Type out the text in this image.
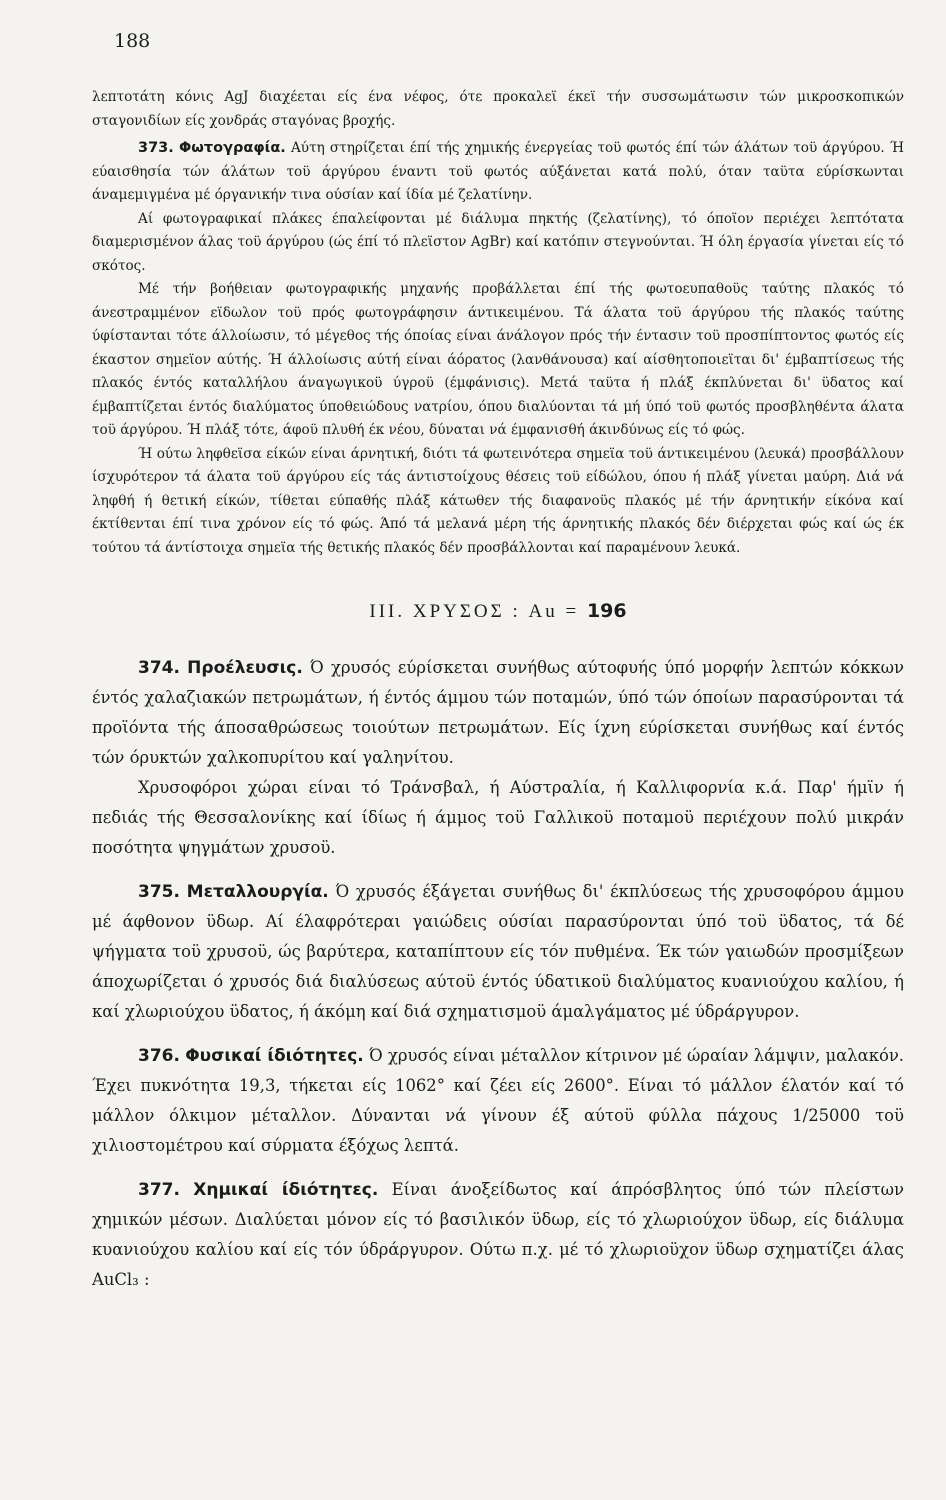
188

λεπτοτάτη κόνις AgJ διαχέεται είς ένα νέφος, ότε προκαλεϊ έκεϊ τήν συσσωμάτωσιν τών μικροσκοπικών σταγονιδίων είς χονδράς σταγόνας βροχής.

373. Φωτογραφία. Αύτη στηρίζεται έπί τής χημικής ένεργείας τοϋ φωτός έπί τών άλάτων τοϋ άργύρου. Ή εύαισθησία τών άλάτων τοϋ άργύρου έναντι τοϋ φωτός αύξάνεται κατά πολύ, όταν ταϋτα εύρίσκωνται άναμεμιγμένα μέ όργανικήν τινα ούσίαν καί ίδία μέ ζελατίνην.

Αί φωτογραφικαί πλάκες έπαλείφονται μέ διάλυμα πηκτής (ζελατίνης), τό όποϊον περιέχει λεπτότατα διαμερισμένον άλας τοϋ άργύρου (ώς έπί τό πλεϊστον AgBr) καί κατόπιν στεγνούνται. Ή όλη έργασία γίνεται είς τό σκότος.

Μέ τήν βοήθειαν φωτογραφικής μηχανής προβάλλεται έπί τής φωτοευπαθοϋς ταύτης πλακός τό άνεστραμμένον εϊδωλον τοϋ πρός φωτογράφησιν άντικειμένου. Τά άλατα τοϋ άργύρου τής πλακός ταύτης ύφίστανται τότε άλλοίωσιν, τό μέγεθος τής όποίας είναι άνάλογον πρός τήν έντασιν τοϋ προσπίπτοντος φωτός είς έκαστον σημεϊον αύτής. Ή άλλοίωσις αύτή είναι άόρατος (λανθάνουσα) καί αίσθητοποιεϊται δι' έμβαπτίσεως τής πλακός έντός καταλλήλου άναγωγικοϋ ύγροϋ (έμφάνισις). Μετά ταϋτα ή πλάξ έκπλύνεται δι' ϋδατος καί έμβαπτίζεται έντός διαλύματος ύποθειώδους νατρίου, όπου διαλύονται τά μή ύπό τοϋ φωτός προσβληθέντα άλατα τοϋ άργύρου. Ή πλάξ τότε, άφοϋ πλυθή έκ νέου, δύναται νά έμφανισθή άκινδύνως είς τό φώς.

Ή ούτω ληφθεϊσα είκών είναι άρνητική, διότι τά φωτεινότερα σημεϊα τοϋ άντικειμένου (λευκά) προσβάλλουν ίσχυρότερον τά άλατα τοϋ άργύρου είς τάς άντιστοίχους θέσεις τοϋ είδώλου, όπου ή πλάξ γίνεται μαύρη. Διά νά ληφθή ή θετική είκών, τίθεται εύπαθής πλάξ κάτωθεν τής διαφανοϋς πλακός μέ τήν άρνητικήν είκόνα καί έκτίθενται έπί τινα χρόνον είς τό φώς. Άπό τά μελανά μέρη τής άρνητικής πλακός δέν διέρχεται φώς καί ώς έκ τούτου τά άντίστοιχα σημεϊα τής θετικής πλακός δέν προσβάλλονται καί παραμένουν λευκά.

III. ΧΡΥΣΟΣ : Au = 196

374. Προέλευσις. Ό χρυσός εύρίσκεται συνήθως αύτοφυής ύπό μορφήν λεπτών κόκκων έντός χαλαζιακών πετρωμάτων, ή έντός άμμου τών ποταμών, ύπό τών όποίων παρασύρονται τά προϊόντα τής άποσαθρώσεως τοιούτων πετρωμάτων. Είς ίχνη εύρίσκεται συνήθως καί έντός τών όρυκτών χαλκοπυρίτου καί γαληνίτου.

Χρυσοφόροι χώραι είναι τό Τράνσβαλ, ή Αύστραλία, ή Καλλιφορνία κ.ά. Παρ' ήμϊν ή πεδιάς τής Θεσσαλονίκης καί ίδίως ή άμμος τοϋ Γαλλικοϋ ποταμοϋ περιέχουν πολύ μικράν ποσότητα ψηγμάτων χρυσοϋ.

375. Μεταλλουργία. Ό χρυσός έξάγεται συνήθως δι' έκπλύσεως τής χρυσοφόρου άμμου μέ άφθονον ϋδωρ. Αί έλαφρότεραι γαιώδεις ούσίαι παρασύρονται ύπό τοϋ ϋδατος, τά δέ ψήγματα τοϋ χρυσοϋ, ώς βαρύτερα, καταπίπτουν είς τόν πυθμένα. Έκ τών γαιωδών προσμίξεων άποχωρίζεται ό χρυσός διά διαλύσεως αύτοϋ έντός ύδατικοϋ διαλύματος κυανιούχου καλίου, ή καί χλωριούχου ϋδατος, ή άκόμη καί διά σχηματισμοϋ άμαλγάματος μέ ύδράργυρον.

376. Φυσικαί ίδιότητες. Ό χρυσός είναι μέταλλον κίτρινον μέ ώραίαν λάμψιν, μαλακόν. Έχει πυκνότητα 19,3, τήκεται είς 1062° καί ζέει είς 2600°. Είναι τό μάλλον έλατόν καί τό μάλλον όλκιμον μέταλλον. Δύνανται νά γίνουν έξ αύτοϋ φύλλα πάχους 1/25000 τοϋ χιλιοστομέτρου καί σύρματα έξόχως λεπτά.

377. Χημικαί ίδιότητες. Είναι άνοξείδωτος καί άπρόσβλητος ύπό τών πλείστων χημικών μέσων. Διαλύεται μόνον είς τό βασιλικόν ϋδωρ, είς τό χλωριούχον ϋδωρ, είς διάλυμα κυανιούχου καλίου καί είς τόν ύδράργυρον. Ούτω π.χ. μέ τό χλωριοϋχον ϋδωρ σχηματίζει άλας AuCl₃ :
